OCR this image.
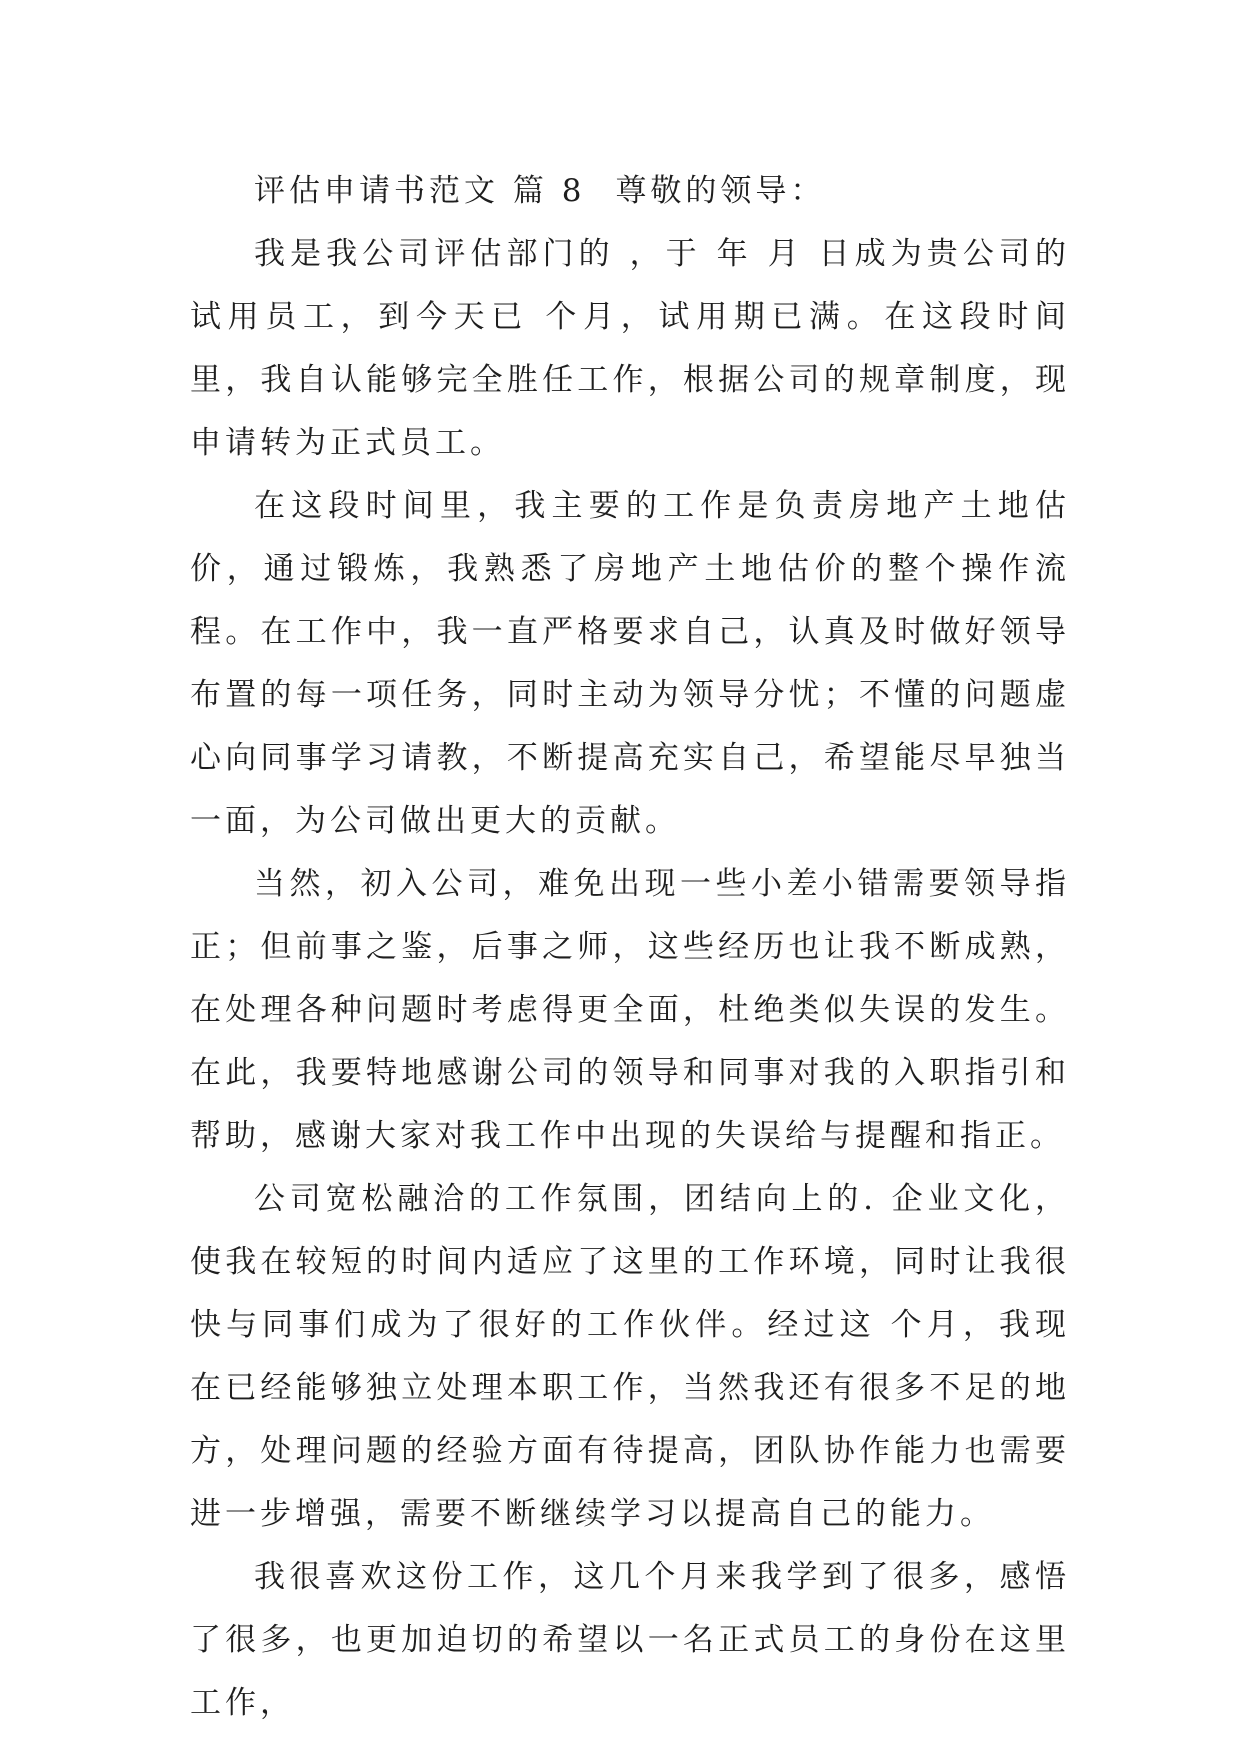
评估申请书范文 篇 8 尊敬的领导：

我是我公司评估部门的 ，于 年 月 日成为贵公司的试用员工，到今天已 个月，试用期已满。在这段时间里，我自认能够完全胜任工作，根据公司的规章制度，现申请转为正式员工。

在这段时间里，我主要的工作是负责房地产土地估价，通过锻炼，我熟悉了房地产土地估价的整个操作流程。在工作中，我一直严格要求自己，认真及时做好领导布置的每一项任务，同时主动为领导分忧；不懂的问题虚心向同事学习请教，不断提高充实自己，希望能尽早独当一面，为公司做出更大的贡献。

当然，初入公司，难免出现一些小差小错需要领导指正；但前事之鉴，后事之师，这些经历也让我不断成熟，在处理各种问题时考虑得更全面，杜绝类似失误的发生。在此，我要特地感谢公司的领导和同事对我的入职指引和帮助，感谢大家对我工作中出现的失误给与提醒和指正。

公司宽松融洽的工作氛围，团结向上的. 企业文化，使我在较短的时间内适应了这里的工作环境，同时让我很快与同事们成为了很好的工作伙伴。经过这 个月，我现在已经能够独立处理本职工作，当然我还有很多不足的地方，处理问题的经验方面有待提高，团队协作能力也需要进一步增强，需要不断继续学习以提高自己的能力。

我很喜欢这份工作，这几个月来我学到了很多，感悟了很多，也更加迫切的希望以一名正式员工的身份在这里工作，
